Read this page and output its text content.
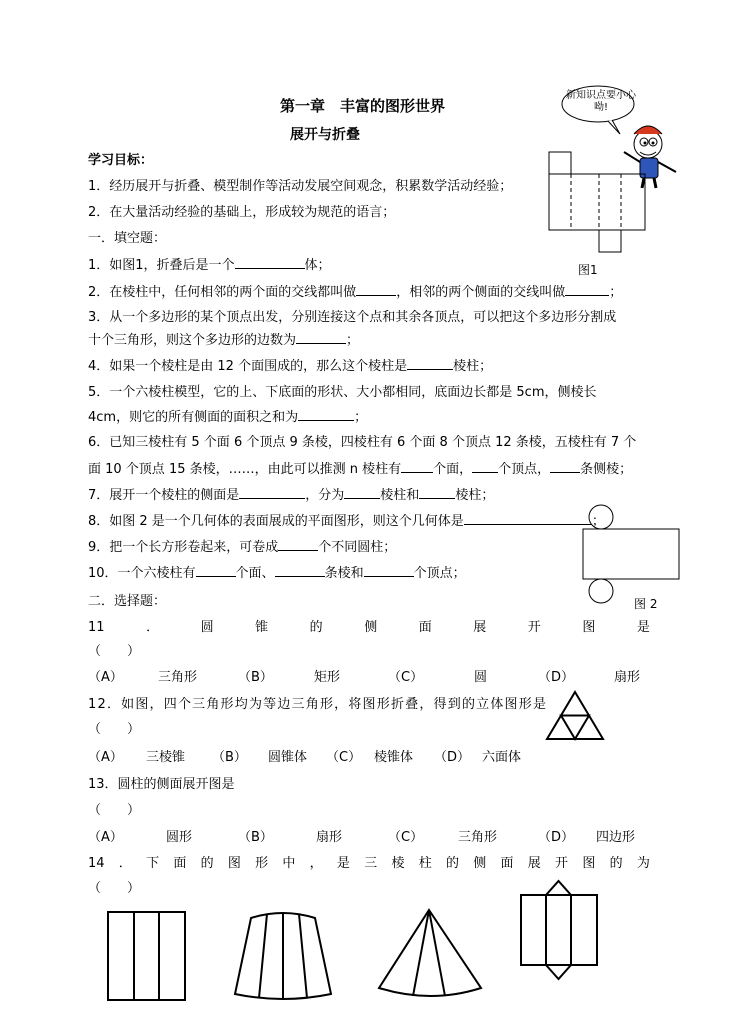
第一章　丰富的图形世界
展开与折叠
新知识点要小心呦!
图1
学习目标：
1．经历展开与折叠、模型制作等活动发展空间观念，积累数学活动经验；
2．在大量活动经验的基础上，形成较为规范的语言；
一．填空题：
1．如图1，折叠后是一个	体；
2．在棱柱中，任何相邻的两个面的交线都叫做	，相邻的两个侧面的交线叫做	；
3．从一个多边形的某个顶点出发，分别连接这个点和其余各顶点，可以把这个多边形分割成
十个三角形，则这个多边形的边数为	；
4．如果一个棱柱是由 12 个面围成的，那么这个棱柱是	棱柱；
5．一个六棱柱模型，它的上、下底面的形状、大小都相同，底面边长都是 5cm，侧棱长
4cm，则它的所有侧面的面积之和为	；
6．已知三棱柱有 5 个面 6 个顶点 9 条棱，四棱柱有 6 个面 8 个顶点 12 条棱，五棱柱有 7 个
面 10 个顶点 15 条棱，……，由此可以推测 n 棱柱有 个面， 个顶点， 条侧棱；
7．展开一个棱柱的侧面是	，分为	棱柱和	棱柱；
8．如图 2 是一个几何体的表面展成的平面图形，则这个几何体是	；
9．把一个长方形卷起来，可卷成	个不同圆柱；
10．一个六棱柱有	个面、	条棱和	个顶点；
图 2
二．选择题：
11	．	圆	锥	的	侧	面	展	开	图	是
（　　）
（A）	三角形	（B）	矩形	（C）	圆	（D）	扇形
12．如图，四个三角形均为等边三角形，将图形折叠，得到的立体图形是
（　　）
（A） 三棱锥 （B） 圆锥体 （C） 棱锥体 （D） 六面体
13．圆柱的侧面展开图是
（　　）
（A）	圆形	（B）	扇形	（C）	三角形	（D） 四边形
14 ． 下 面 的 图 形 中 ， 是 三 棱 柱 的 侧 面 展 开 图 的 为
（　　）
